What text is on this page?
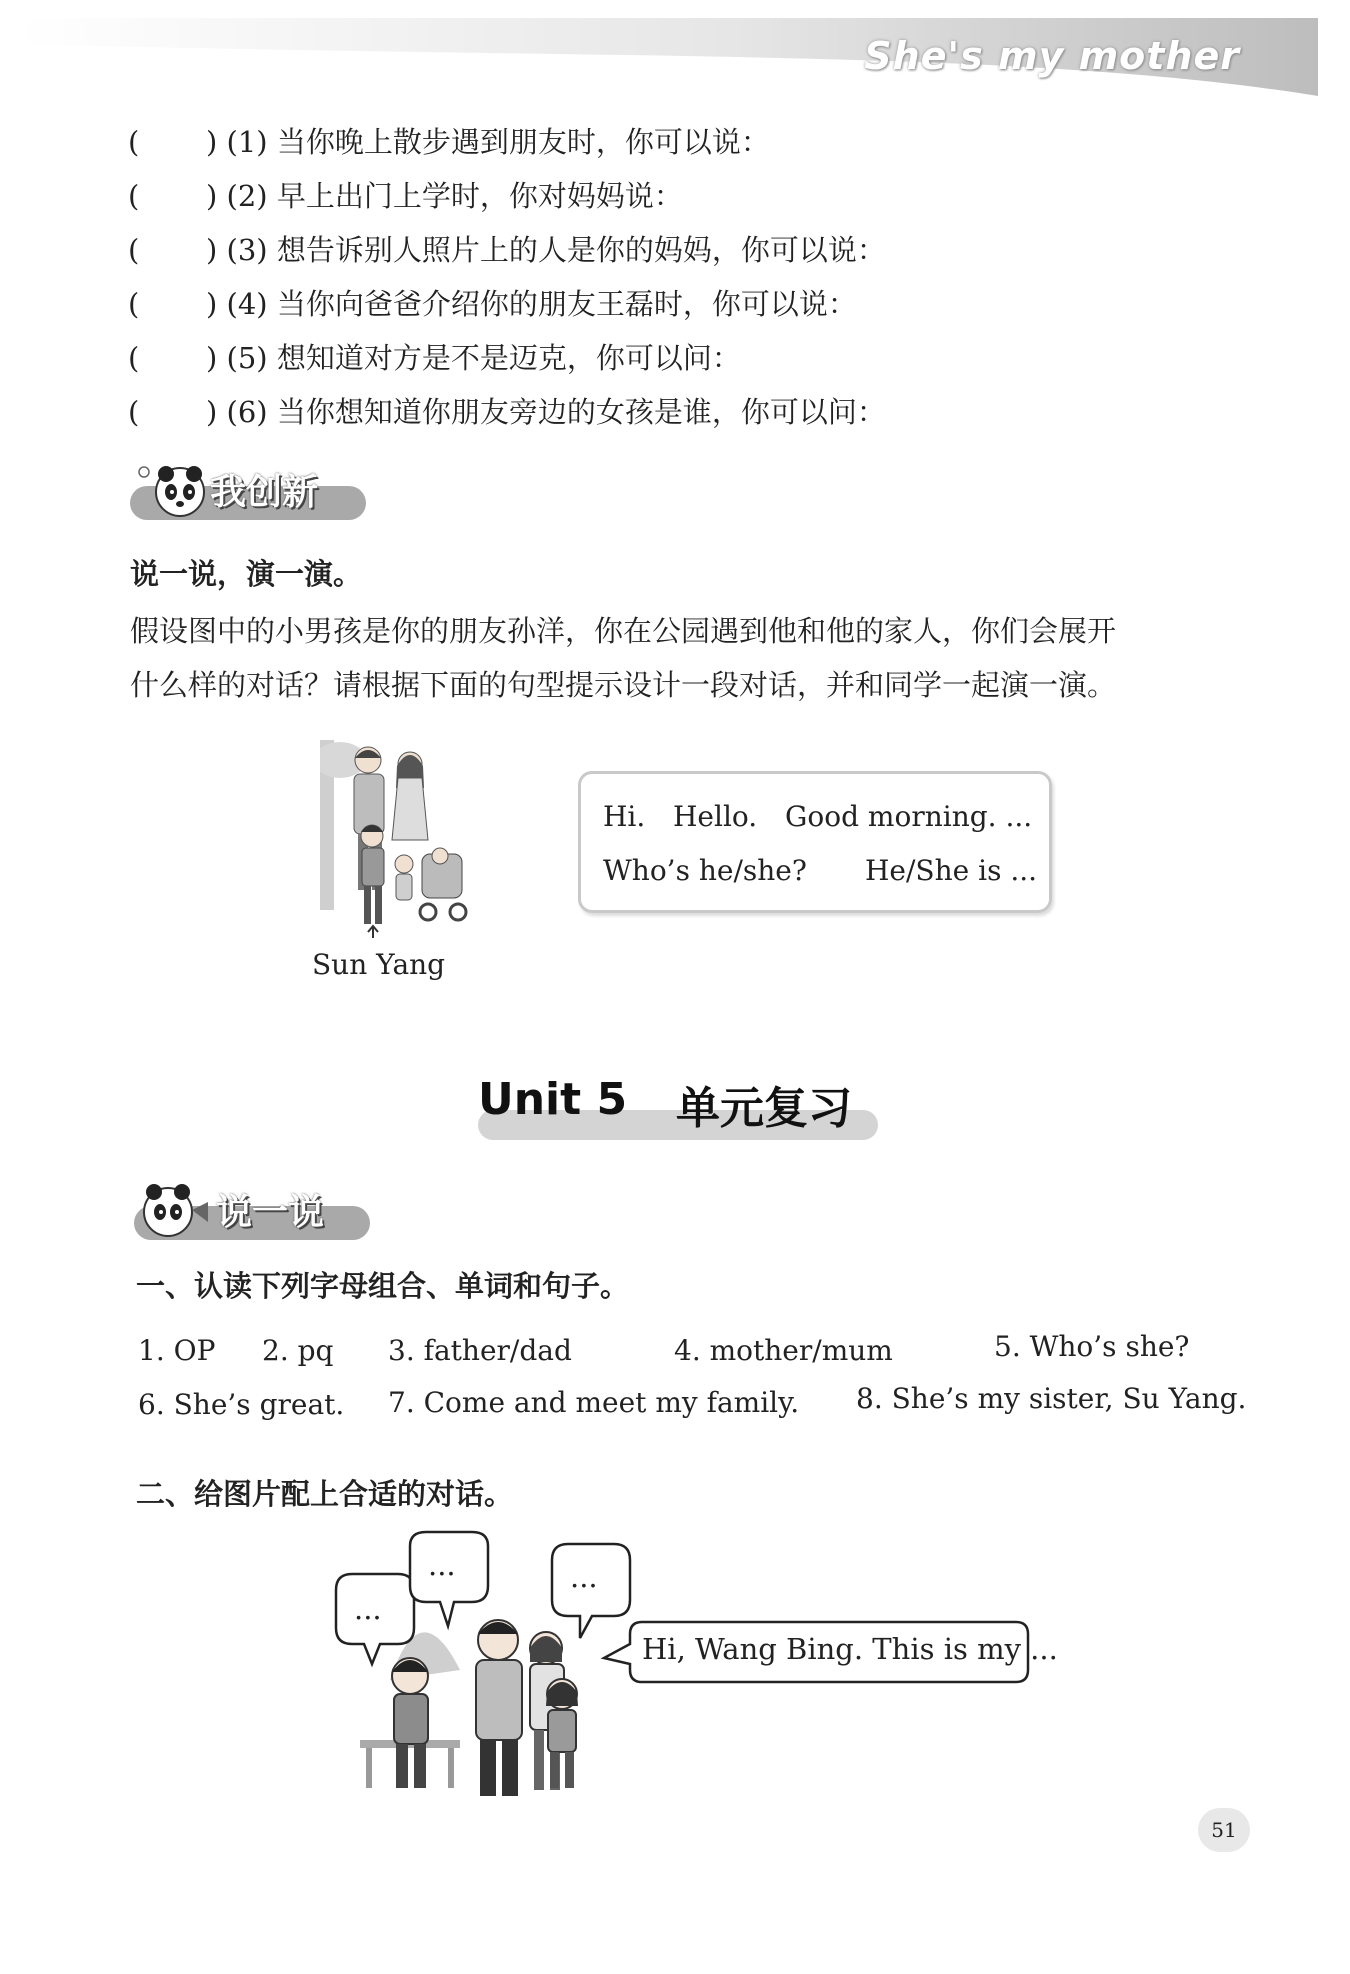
She's my mother
( ) (1) 当你晚上散步遇到朋友时，你可以说：
( ) (2) 早上出门上学时，你对妈妈说：
( ) (3) 想告诉别人照片上的人是你的妈妈，你可以说：
( ) (4) 当你向爸爸介绍你的朋友王磊时，你可以说：
( ) (5) 想知道对方是不是迈克，你可以问：
( ) (6) 当你想知道你朋友旁边的女孩是谁，你可以问：
我创新
说一说，演一演。
假设图中的小男孩是你的朋友孙洋，你在公园遇到他和他的家人，你们会展开
什么样的对话？请根据下面的句型提示设计一段对话，并和同学一起演一演。
Sun Yang
Hi. Hello. Good morning. ...
Who’s he/she? He/She is ...
Unit 5 单元复习
说一说
一、认读下列字母组合、单词和句子。
1. OP 2. pq 3. father/dad	4. mother/mum	5. Who’s she?
6. She’s great. 7. Come and meet my family. 8. She’s my sister, Su Yang.
二、给图片配上合适的对话。
...
...	...
Hi, Wang Bing. This is my ...
51
